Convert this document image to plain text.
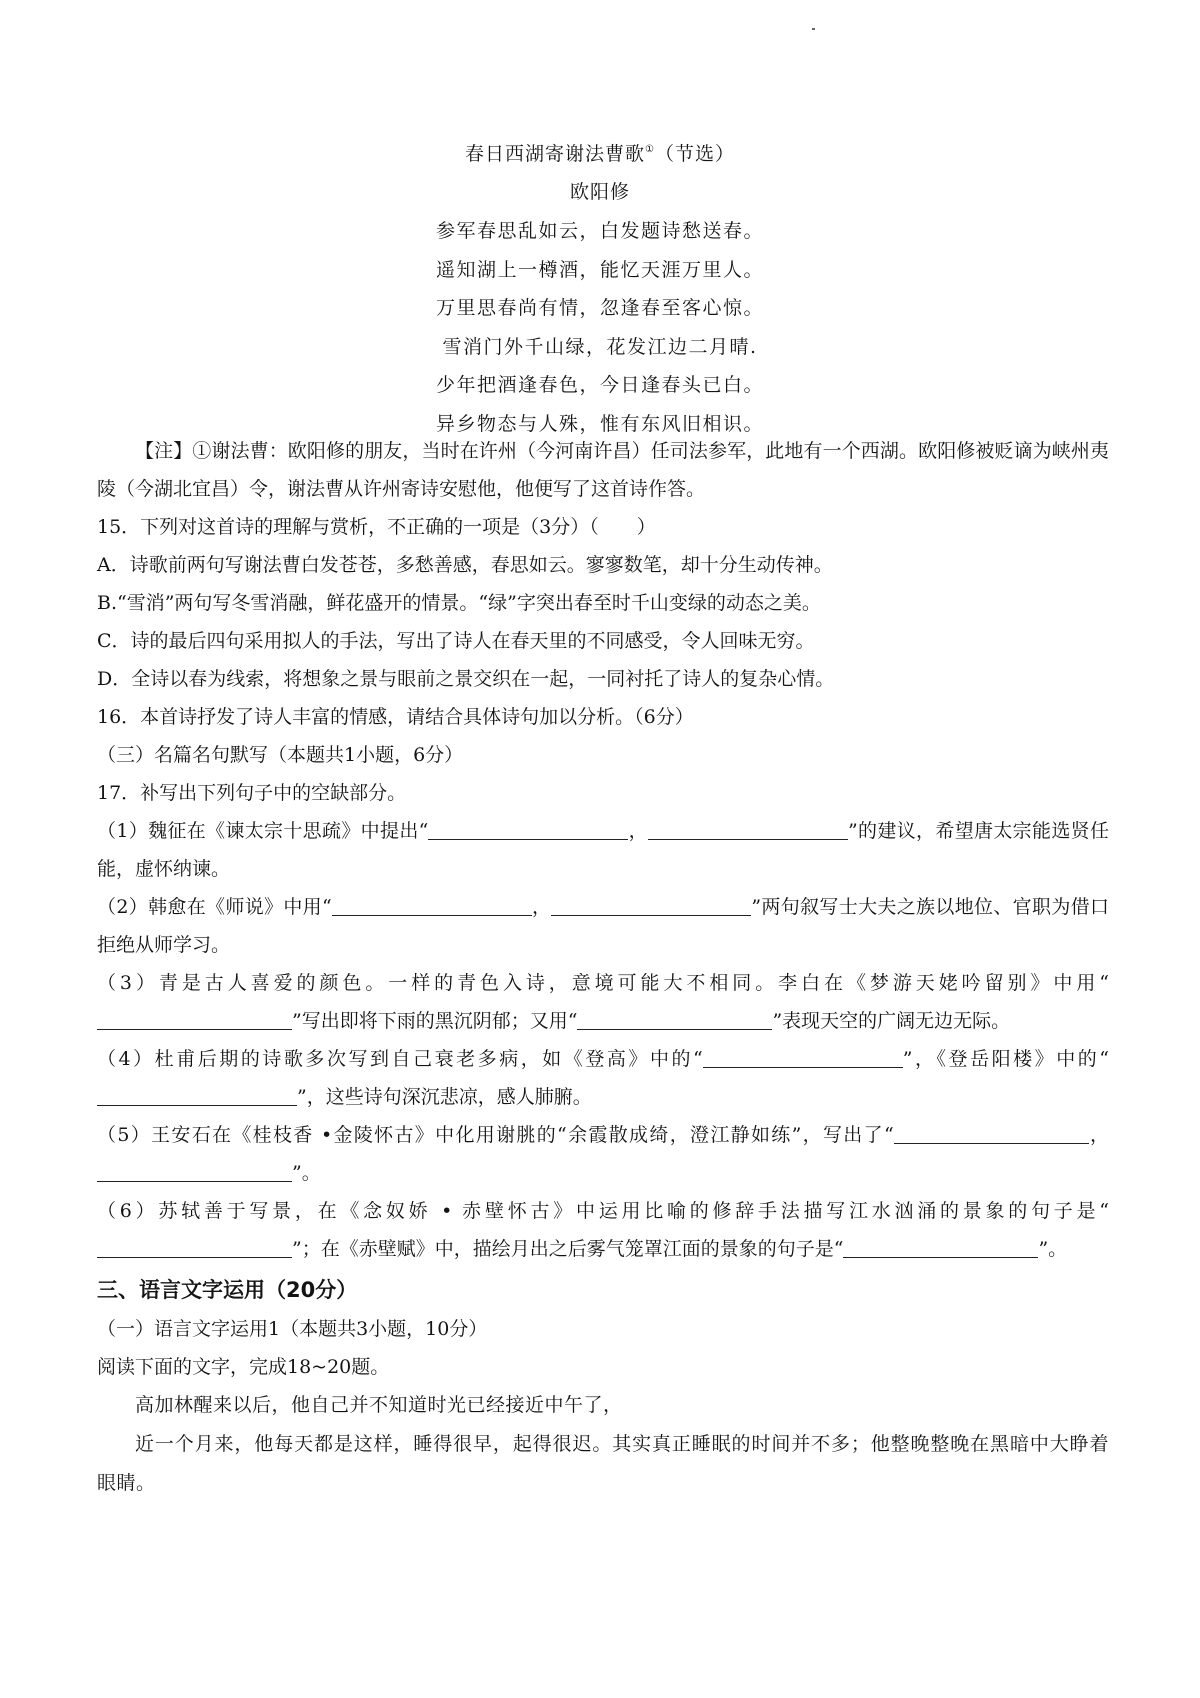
春日西湖寄谢法曹歌①（节选）
欧阳修
参军春思乱如云，白发题诗愁送春。
遥知湖上一樽酒，能忆天涯万里人。
万里思春尚有情，忽逢春至客心惊。
雪消门外千山绿，花发江边二月晴.
少年把酒逢春色，今日逢春头已白。
异乡物态与人殊，惟有东风旧相识。

【注】①谢法曹：欧阳修的朋友，当时在许州（今河南许昌）任司法参军，此地有一个西湖。欧阳修被贬谪为峡州夷陵（今湖北宜昌）令，谢法曹从许州寄诗安慰他，他便写了这首诗作答。

15．下列对这首诗的理解与赏析，不正确的一项是（3分）（　　）

A．诗歌前两句写谢法曹白发苍苍，多愁善感，春思如云。寥寥数笔，却十分生动传神。

B.“雪消”两句写冬雪消融，鲜花盛开的情景。“绿”字突出春至时千山变绿的动态之美。

C．诗的最后四句采用拟人的手法，写出了诗人在春天里的不同感受，令人回味无穷。

D．全诗以春为线索，将想象之景与眼前之景交织在一起，一同衬托了诗人的复杂心情。

16．本首诗抒发了诗人丰富的情感，请结合具体诗句加以分析。（6分）

（三）名篇名句默写（本题共1小题，6分）

17．补写出下列句子中的空缺部分。

（1）魏征在《谏太宗十思疏》中提出“	，	”的建议，希望唐太宗能选贤任能，虚怀纳谏。

（2）韩愈在《师说》中用“	，	”两句叙写士大夫之族以地位、官职为借口拒绝从师学习。

（3）青是古人喜爱的颜色。一样的青色入诗，意境可能大不相同。李白在《梦游天姥吟留别》中用“”写出即将下雨的黑沉阴郁；又用“	”表现天空的广阔无边无际。

（4）杜甫后期的诗歌多次写到自己衰老多病，如《登高》中的“	”，《登岳阳楼》中的“”，这些诗句深沉悲凉，感人肺腑。

（5）王安石在《桂枝香 •金陵怀古》中化用谢朓的“余霞散成绮，澄江静如练”，写出了“	，”。

（6）苏轼善于写景，在《念奴娇 • 赤壁怀古》中运用比喻的修辞手法描写江水汹涌的景象的句子是“”；在《赤壁赋》中，描绘月出之后雾气笼罩江面的景象的句子是“	”。

三、语言文字运用（20分）

（一）语言文字运用1（本题共3小题，10分）

阅读下面的文字，完成18~20题。

高加林醒来以后，他自己并不知道时光已经接近中午了，

近一个月来，他每天都是这样，睡得很早，起得很迟。其实真正睡眠的时间并不多；他整晚整晚在黑暗中大睁着眼睛。
